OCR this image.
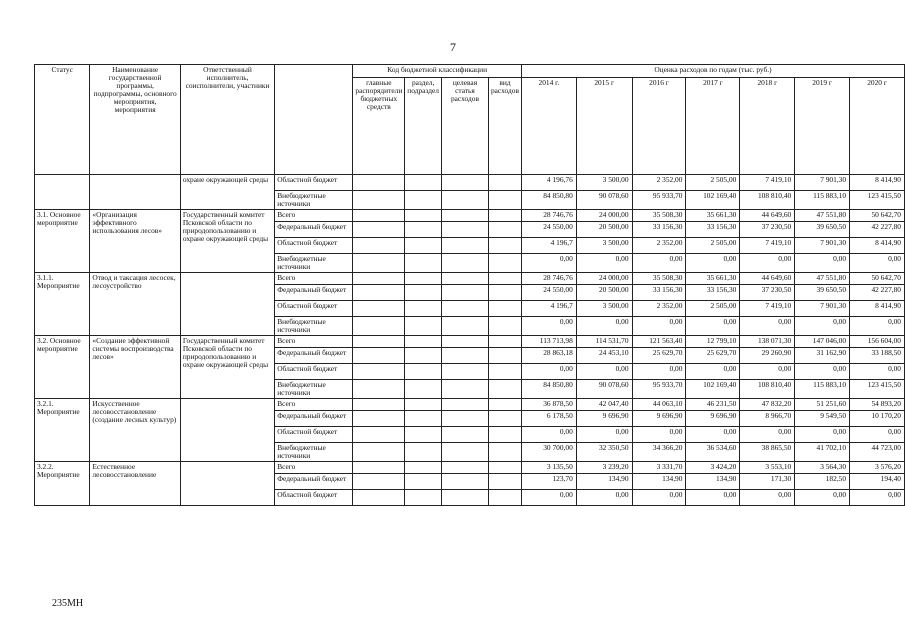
7
Статус	Наименование государственной программы, подпрограммы, основного мероприятия, мероприятия	Ответственный исполнитель, соисполнители, участники		Код бюджетной классификации				Оценка расходов по годам (тыс. руб.)						
				главные распорядители бюджетных средств	раздел, подраздел	целевая статья расходов	вид расходов	2014 г.	2015 г	2016 г	2017 г	2018 г	2019 г	2020 г
		охране окружающей среды	Областной бюджет					4 196,76	3 500,00	2 352,00	2 505,00	7 419,10	7 901,30	8 414,90
			Внебюджетные источники					84 850,80	90 078,60	95 933,70	102 169,40	108 810,40	115 883,10	123 415,50
3.1. Основное мероприятие	«Организация эффективного использования лесов»	Государственный комитет Псковской области по природопользованию и охране окружающей среды	Всего					28 746,76	24 000,00	35 508,30	35 661,30	44 649,60	47 551,80	50 642,70
			Федеральный бюджет					24 550,00	20 500,00	33 156,30	33 156,30	37 230,50	39 650,50	42 227,80
			Областной бюджет					4 196,7	3 500,00	2 352,00	2 505,00	7 419,10	7 901,30	8 414,90
			Внебюджетные источники					0,00	0,00	0,00	0,00	0,00	0,00	0,00
3.1.1. Мероприятие	Отвод и таксация лесосек, лесоустройство		Всего					28 746,76	24 000,00	35 508,30	35 661,30	44 649,60	47 551,80	50 642,70
			Федеральный бюджет					24 550,00	20 500,00	33 156,30	33 156,30	37 230,50	39 650,50	42 227,80
			Областной бюджет					4 196,7	3 500,00	2 352,00	2 505,00	7 419,10	7 901,30	8 414,90
			Внебюджетные источники					0,00	0,00	0,00	0,00	0,00	0,00	0,00
3.2. Основное мероприятие	«Создание эффективной системы воспроизводства лесов»	Государственный комитет Псковской области по природопользованию и охране окружающей среды	Всего					113 713,98	114 531,70	121 563,40	12 799,10	138 071,30	147 046,00	156 604,00
			Федеральный бюджет					28 863,18	24 453,10	25 629,70	25 629,70	29 260,90	31 162,90	33 188,50
			Областной бюджет					0,00	0,00	0,00	0,00	0,00	0,00	0,00
			Внебюджетные источники					84 850,80	90 078,60	95 933,70	102 169,40	108 810,40	115 883,10	123 415,50
3.2.1. Мероприятие	Искусственное лесовосстановление (создание лесных культур)		Всего					36 878,50	42 047,40	44 063,10	46 231,50	47 832,20	51 251,60	54 893,20
			Федеральный бюджет					6 178,50	9 696,90	9 696,90	9 696,90	8 966,70	9 549,50	10 170,20
			Областной бюджет					0,00	0,00	0,00	0,00	0,00	0,00	0,00
			Внебюджетные источники					30 700,00	32 350,50	34 366,20	36 534,60	38 865,50	41 702,10	44 723,00
3.2.2. Мероприятие	Естественное лесовосстановление		Всего					3 135,50	3 239,20	3 331,70	3 424,20	3 553,10	3 564,30	3 576,20
			Федеральный бюджет					123,70	134,90	134,90	134,90	171,30	182,50	194,40
			Областной бюджет					0,00	0,00	0,00	0,00	0,00	0,00	0,00
235МН
